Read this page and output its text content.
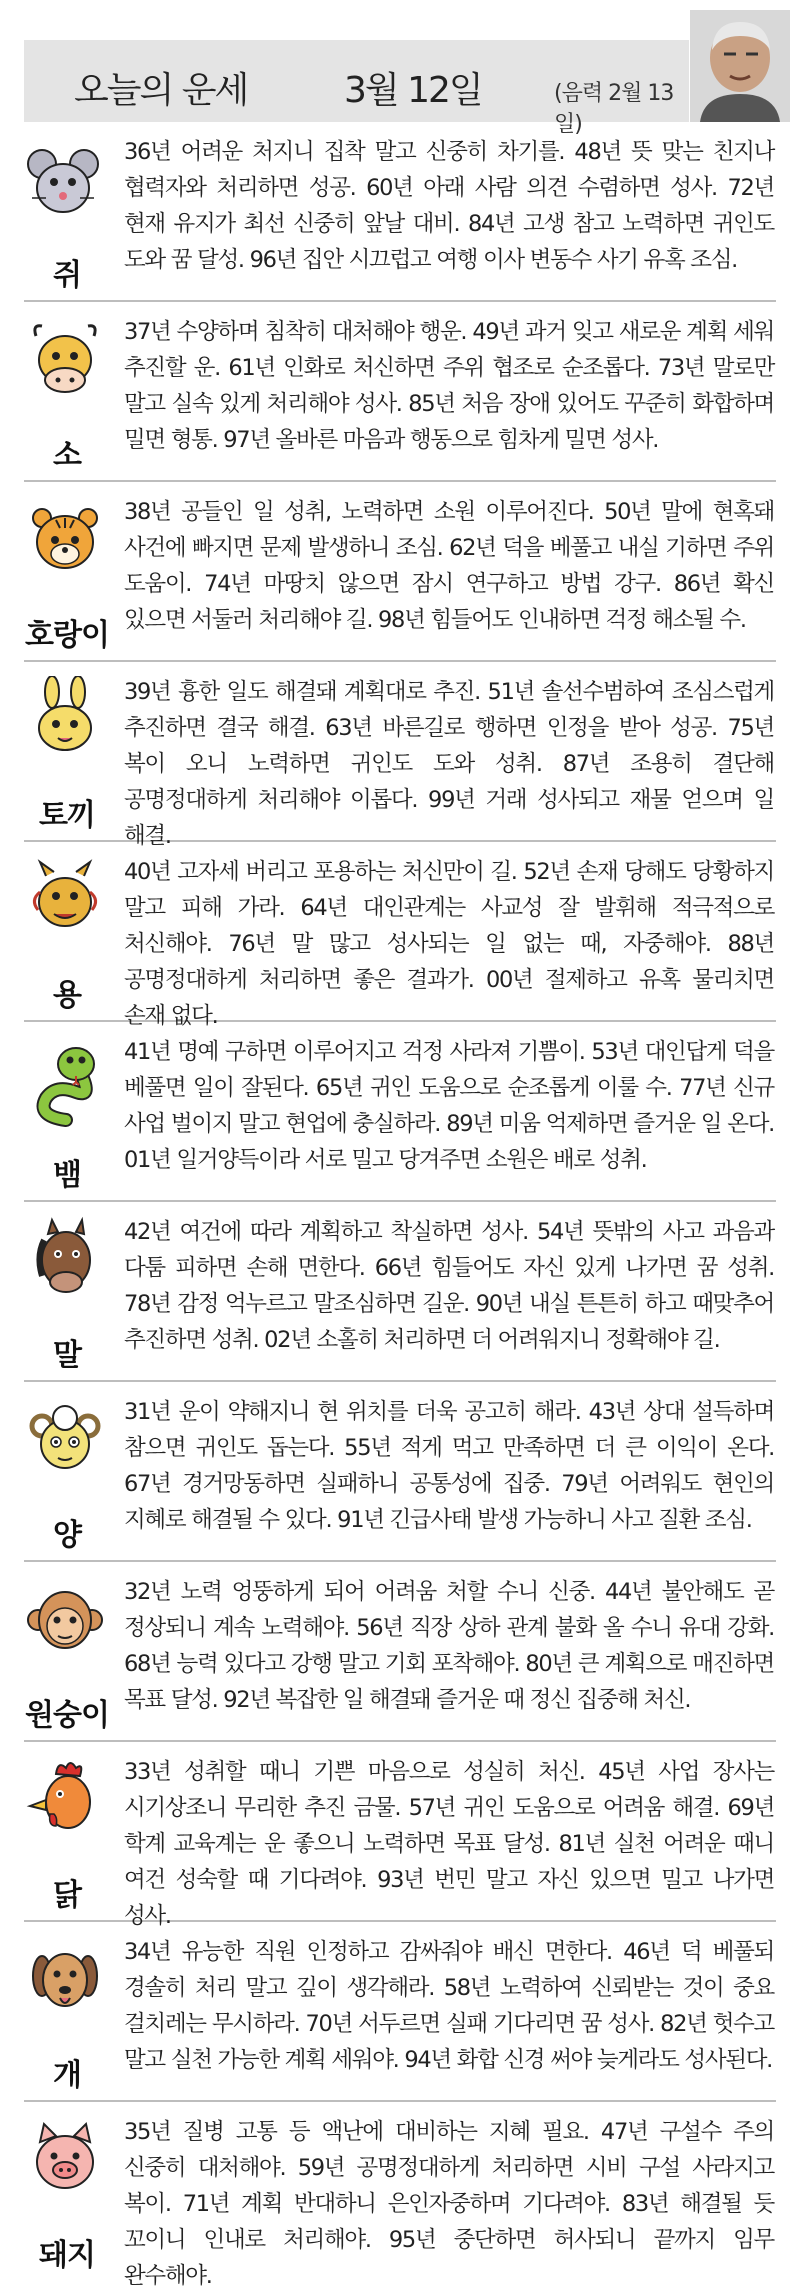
오늘의 운세	3월 12일	(음력 2월 13일)
쥐
36년 어려운 처지니 집착 말고 신중히 차기를. 48년 뜻 맞는 친지나 협력자와 처리하면 성공. 60년 아래 사람 의견 수렴하면 성사. 72년 현재 유지가 최선 신중히 앞날 대비. 84년 고생 참고 노력하면 귀인도 도와 꿈 달성. 96년 집안 시끄럽고 여행 이사 변동수 사기 유혹 조심.
소
37년 수양하며 침착히 대처해야 행운. 49년 과거 잊고 새로운 계획 세워 추진할 운. 61년 인화로 처신하면 주위 협조로 순조롭다. 73년 말로만 말고 실속 있게 처리해야 성사. 85년 처음 장애 있어도 꾸준히 화합하며 밀면 형통. 97년 올바른 마음과 행동으로 힘차게 밀면 성사.
호랑이
38년 공들인 일 성취, 노력하면 소원 이루어진다. 50년 말에 현혹돼 사건에 빠지면 문제 발생하니 조심. 62년 덕을 베풀고 내실 기하면 주위 도움이. 74년 마땅치 않으면 잠시 연구하고 방법 강구. 86년 확신 있으면 서둘러 처리해야 길. 98년 힘들어도 인내하면 걱정 해소될 수.
토끼
39년 흉한 일도 해결돼 계획대로 추진. 51년 솔선수범하여 조심스럽게 추진하면 결국 해결. 63년 바른길로 행하면 인정을 받아 성공. 75년 복이 오니 노력하면 귀인도 도와 성취. 87년 조용히 결단해 공명정대하게 처리해야 이롭다. 99년 거래 성사되고 재물 얻으며 일 해결.
용
40년 고자세 버리고 포용하는 처신만이 길. 52년 손재 당해도 당황하지 말고 피해 가라. 64년 대인관계는 사교성 잘 발휘해 적극적으로 처신해야. 76년 말 많고 성사되는 일 없는 때, 자중해야. 88년 공명정대하게 처리하면 좋은 결과가. 00년 절제하고 유혹 물리치면 손재 없다.
뱀
41년 명예 구하면 이루어지고 걱정 사라져 기쁨이. 53년 대인답게 덕을 베풀면 일이 잘된다. 65년 귀인 도움으로 순조롭게 이룰 수. 77년 신규 사업 벌이지 말고 현업에 충실하라. 89년 미움 억제하면 즐거운 일 온다. 01년 일거양득이라 서로 밀고 당겨주면 소원은 배로 성취.
말
42년 여건에 따라 계획하고 착실하면 성사. 54년 뜻밖의 사고 과음과 다툼 피하면 손해 면한다. 66년 힘들어도 자신 있게 나가면 꿈 성취. 78년 감정 억누르고 말조심하면 길운. 90년 내실 튼튼히 하고 때맞추어 추진하면 성취. 02년 소홀히 처리하면 더 어려워지니 정확해야 길.
양
31년 운이 약해지니 현 위치를 더욱 공고히 해라. 43년 상대 설득하며 참으면 귀인도 돕는다. 55년 적게 먹고 만족하면 더 큰 이익이 온다. 67년 경거망동하면 실패하니 공통성에 집중. 79년 어려워도 현인의 지혜로 해결될 수 있다. 91년 긴급사태 발생 가능하니 사고 질환 조심.
원숭이
32년 노력 엉뚱하게 되어 어려움 처할 수니 신중. 44년 불안해도 곧 정상되니 계속 노력해야. 56년 직장 상하 관계 불화 올 수니 유대 강화. 68년 능력 있다고 강행 말고 기회 포착해야. 80년 큰 계획으로 매진하면 목표 달성. 92년 복잡한 일 해결돼 즐거운 때 정신 집중해 처신.
닭
33년 성취할 때니 기쁜 마음으로 성실히 처신. 45년 사업 장사는 시기상조니 무리한 추진 금물. 57년 귀인 도움으로 어려움 해결. 69년 학계 교육계는 운 좋으니 노력하면 목표 달성. 81년 실천 어려운 때니 여건 성숙할 때 기다려야. 93년 번민 말고 자신 있으면 밀고 나가면 성사.
개
34년 유능한 직원 인정하고 감싸줘야 배신 면한다. 46년 덕 베풀되 경솔히 처리 말고 깊이 생각해라. 58년 노력하여 신뢰받는 것이 중요 걸치레는 무시하라. 70년 서두르면 실패 기다리면 꿈 성사. 82년 헛수고 말고 실천 가능한 계획 세워야. 94년 화합 신경 써야 늦게라도 성사된다.
돼지
35년 질병 고통 등 액난에 대비하는 지혜 필요. 47년 구설수 주의 신중히 대처해야. 59년 공명정대하게 처리하면 시비 구설 사라지고 복이. 71년 계획 반대하니 은인자중하며 기다려야. 83년 해결될 듯 꼬이니 인내로 처리해야. 95년 중단하면 허사되니 끝까지 임무 완수해야.
